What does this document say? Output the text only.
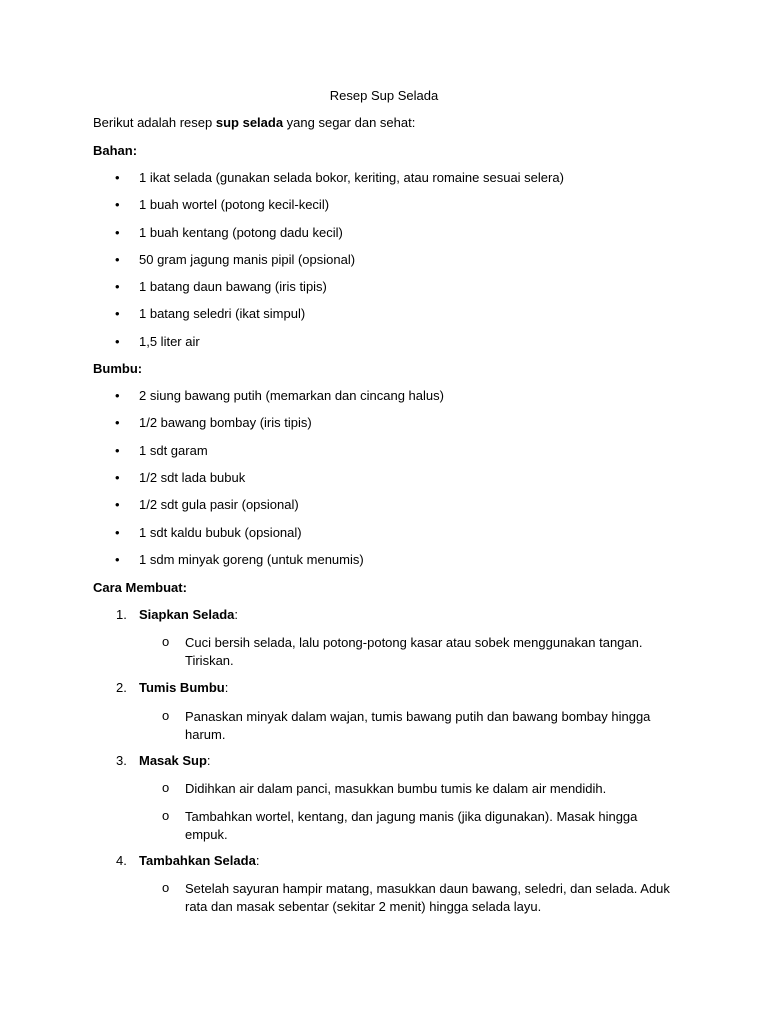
Resep Sup Selada
Berikut adalah resep sup selada yang segar dan sehat:
Bahan:
•	1 ikat selada (gunakan selada bokor, keriting, atau romaine sesuai selera)
•	1 buah wortel (potong kecil-kecil)
•	1 buah kentang (potong dadu kecil)
•	50 gram jagung manis pipil (opsional)
•	1 batang daun bawang (iris tipis)
•	1 batang seledri (ikat simpul)
•	1,5 liter air
Bumbu:
•	2 siung bawang putih (memarkan dan cincang halus)
•	1/2 bawang bombay (iris tipis)
•	1 sdt garam
•	1/2 sdt lada bubuk
•	1/2 sdt gula pasir (opsional)
•	1 sdt kaldu bubuk (opsional)
•	1 sdm minyak goreng (untuk menumis)
Cara Membuat:
1. Siapkan Selada:
o Cuci bersih selada, lalu potong-potong kasar atau sobek menggunakan tangan. Tiriskan.
2. Tumis Bumbu:
o Panaskan minyak dalam wajan, tumis bawang putih dan bawang bombay hingga harum.
3. Masak Sup:
o Didihkan air dalam panci, masukkan bumbu tumis ke dalam air mendidih.
o Tambahkan wortel, kentang, dan jagung manis (jika digunakan). Masak hingga empuk.
4. Tambahkan Selada:
o Setelah sayuran hampir matang, masukkan daun bawang, seledri, dan selada. Aduk rata dan masak sebentar (sekitar 2 menit) hingga selada layu.
